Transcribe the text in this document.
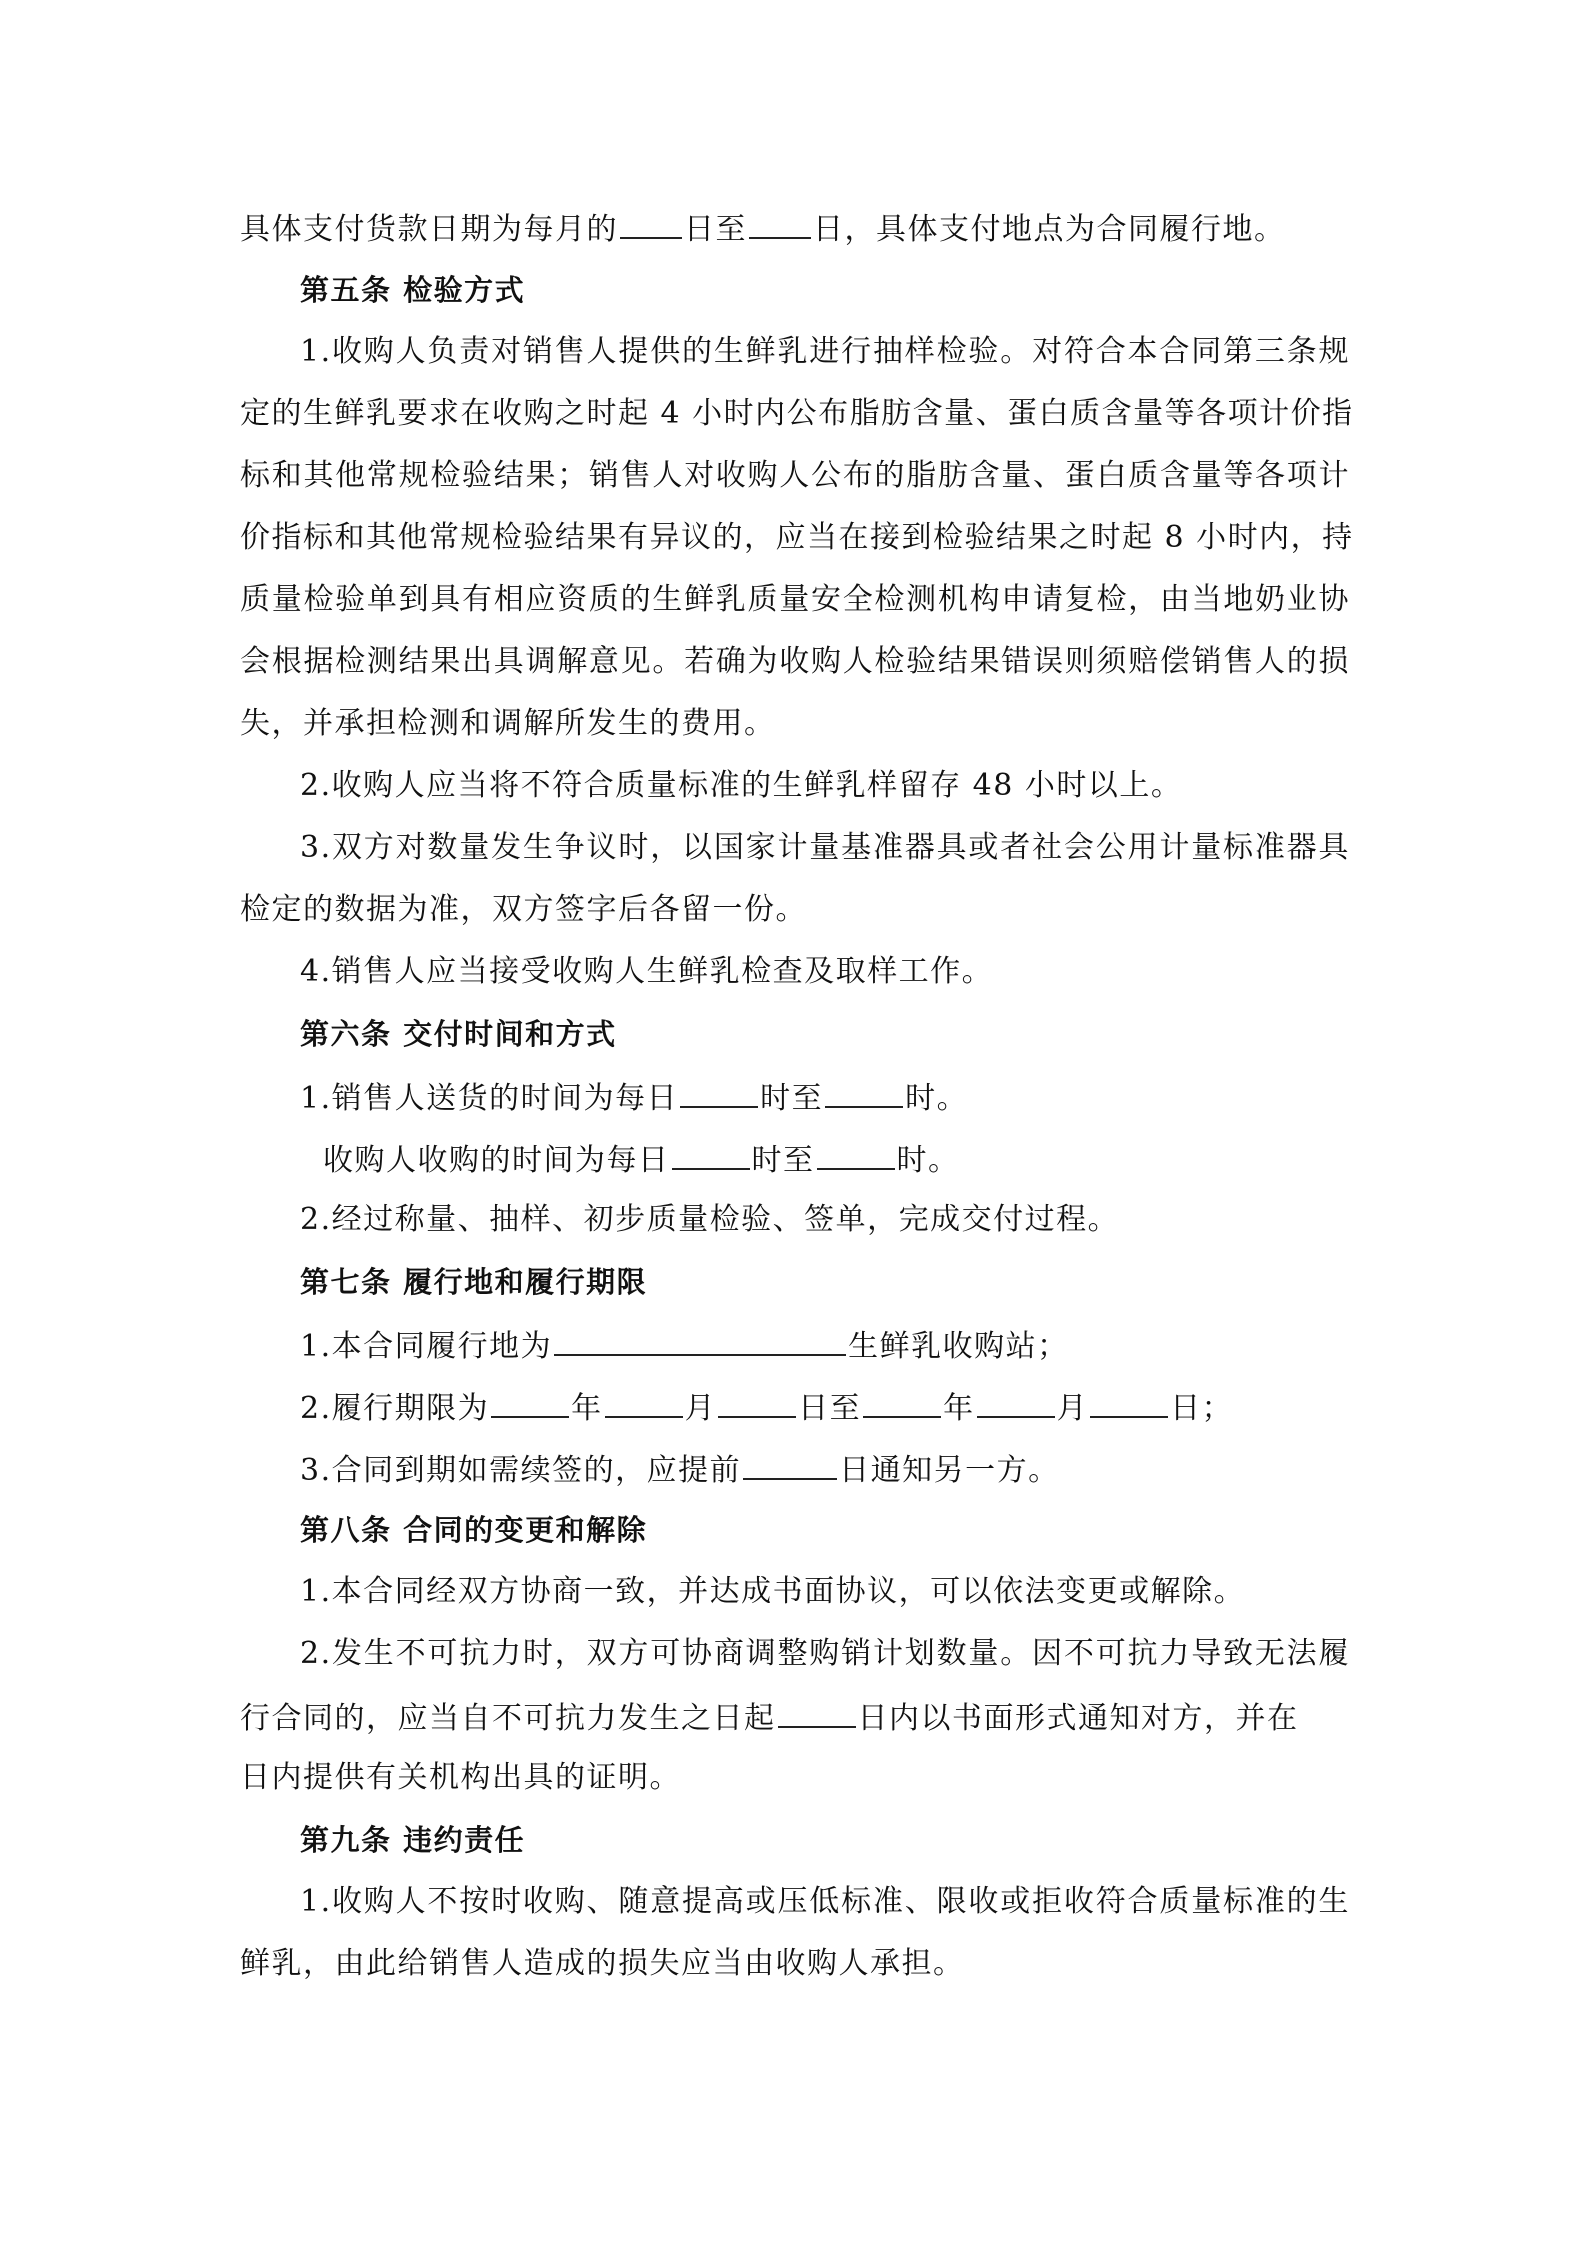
具体支付货款日期为每月的 日至 日，具体支付地点为合同履行地。
第五条 检验方式
1.收购人负责对销售人提供的生鲜乳进行抽样检验。对符合本合同第三条规
定的生鲜乳要求在收购之时起 4 小时内公布脂肪含量、蛋白质含量等各项计价指
标和其他常规检验结果；销售人对收购人公布的脂肪含量、蛋白质含量等各项计
价指标和其他常规检验结果有异议的，应当在接到检验结果之时起 8 小时内，持
质量检验单到具有相应资质的生鲜乳质量安全检测机构申请复检，由当地奶业协
会根据检测结果出具调解意见。若确为收购人检验结果错误则须赔偿销售人的损
失，并承担检测和调解所发生的费用。
2.收购人应当将不符合质量标准的生鲜乳样留存 48 小时以上。
3.双方对数量发生争议时，以国家计量基准器具或者社会公用计量标准器具
检定的数据为准，双方签字后各留一份。
4.销售人应当接受收购人生鲜乳检查及取样工作。
第六条 交付时间和方式
1.销售人送货的时间为每日	时至	时。
收购人收购的时间为每日	时至	时。
2.经过称量、抽样、初步质量检验、签单，完成交付过程。
第七条 履行地和履行期限
1.本合同履行地为	生鲜乳收购站；
2.履行期限为	年	月	日至	年	月	日；
3.合同到期如需续签的，应提前	日通知另一方。
第八条 合同的变更和解除
1.本合同经双方协商一致，并达成书面协议，可以依法变更或解除。
2.发生不可抗力时，双方可协商调整购销计划数量。因不可抗力导致无法履
行合同的，应当自不可抗力发生之日起	日内以书面形式通知对方，并在
日内提供有关机构出具的证明。
第九条 违约责任
1.收购人不按时收购、随意提高或压低标准、限收或拒收符合质量标准的生
鲜乳，由此给销售人造成的损失应当由收购人承担。
